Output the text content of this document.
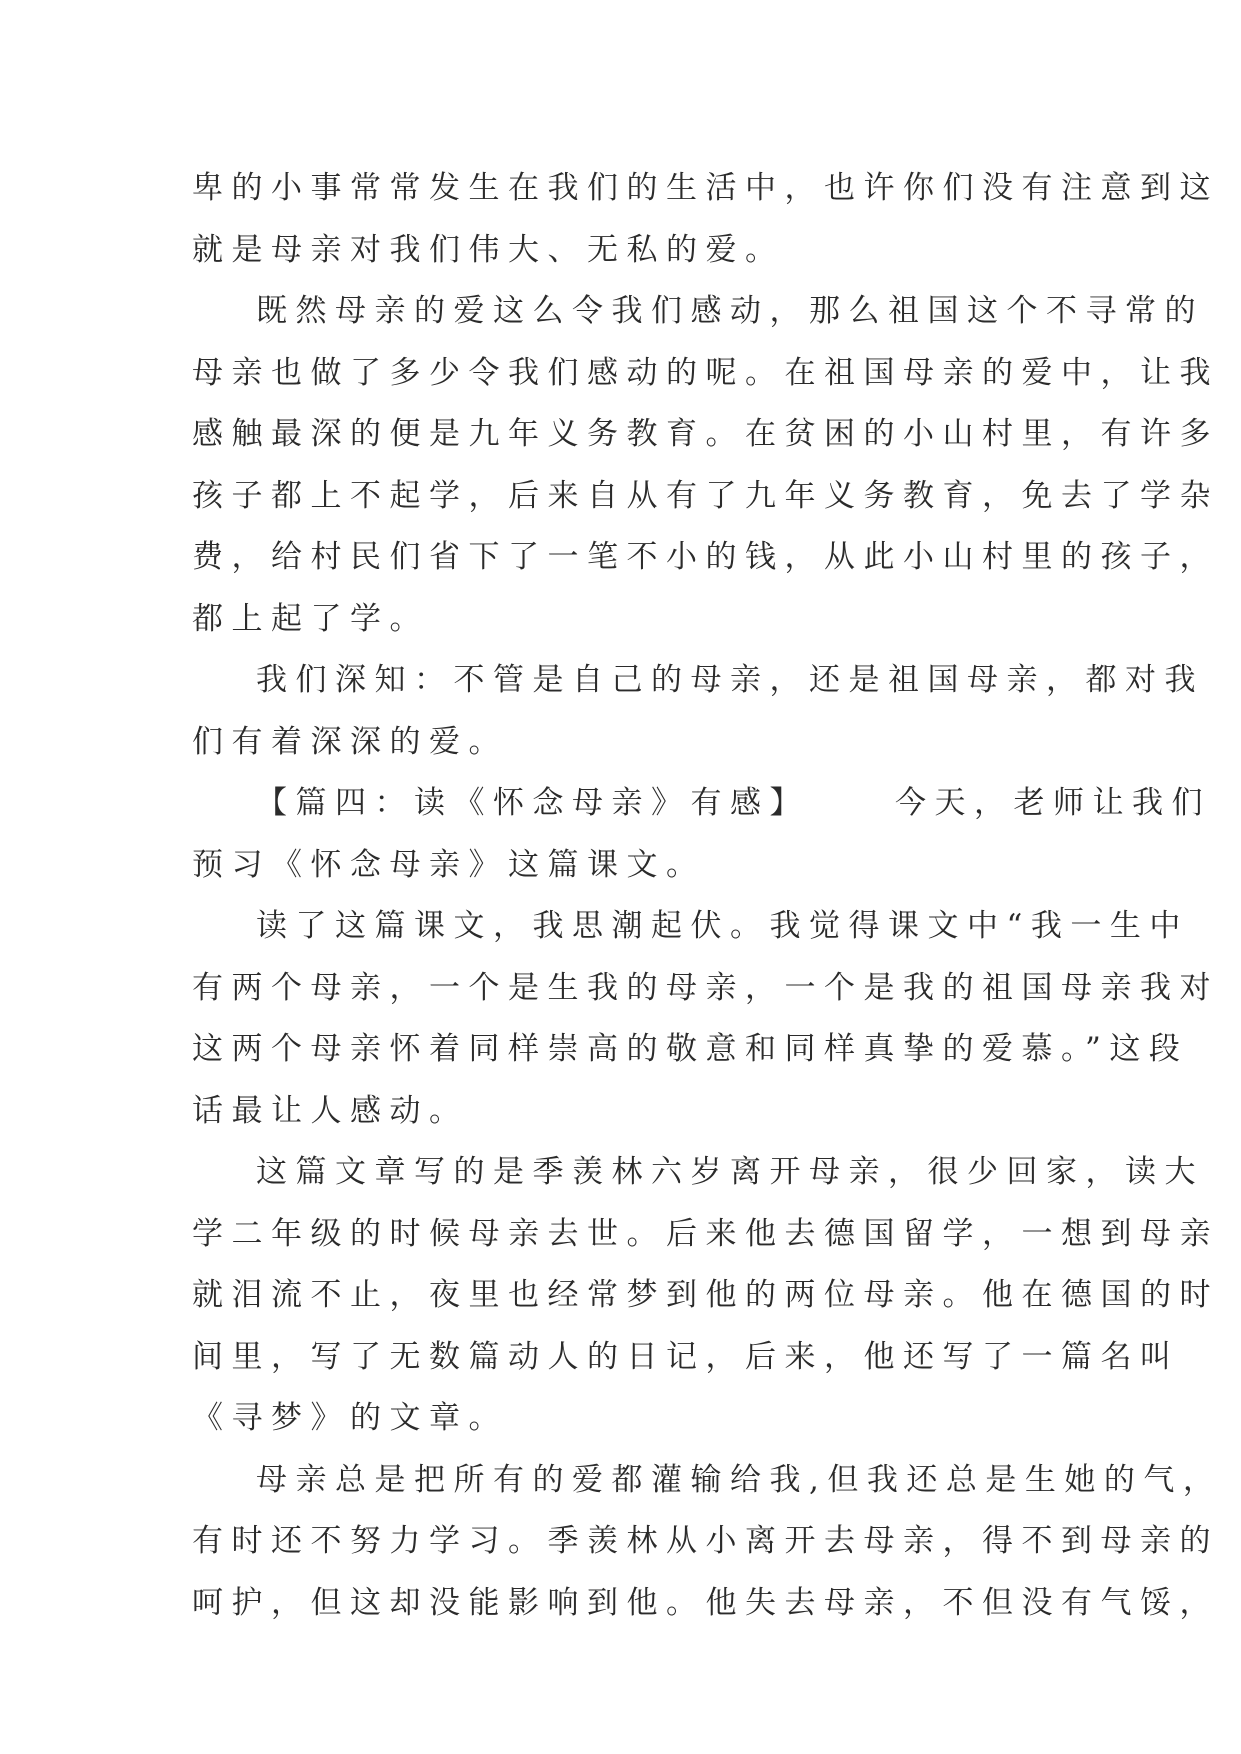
卑的小事常常发生在我们的生活中，也许你们没有注意到这
就是母亲对我们伟大、无私的爱。
既然母亲的爱这么令我们感动，那么祖国这个不寻常的
母亲也做了多少令我们感动的呢。在祖国母亲的爱中，让我
感触最深的便是九年义务教育。在贫困的小山村里，有许多
孩子都上不起学，后来自从有了九年义务教育，免去了学杂
费，给村民们省下了一笔不小的钱，从此小山村里的孩子，
都上起了学。
我们深知：不管是自己的母亲，还是祖国母亲，都对我
们有着深深的爱。
【篇四：读《怀念母亲》有感】	今天，老师让我们
预习《怀念母亲》这篇课文。
读了这篇课文，我思潮起伏。我觉得课文中“我一生中
有两个母亲，一个是生我的母亲，一个是我的祖国母亲我对
这两个母亲怀着同样崇高的敬意和同样真挚的爱慕。”这段
话最让人感动。
这篇文章写的是季羡林六岁离开母亲，很少回家，读大
学二年级的时候母亲去世。后来他去德国留学，一想到母亲
就泪流不止，夜里也经常梦到他的两位母亲。他在德国的时
间里，写了无数篇动人的日记，后来，他还写了一篇名叫
《寻梦》的文章。
母亲总是把所有的爱都灌输给我,但我还总是生她的气，
有时还不努力学习。季羡林从小离开去母亲，得不到母亲的
呵护，但这却没能影响到他。他失去母亲，不但没有气馁，
